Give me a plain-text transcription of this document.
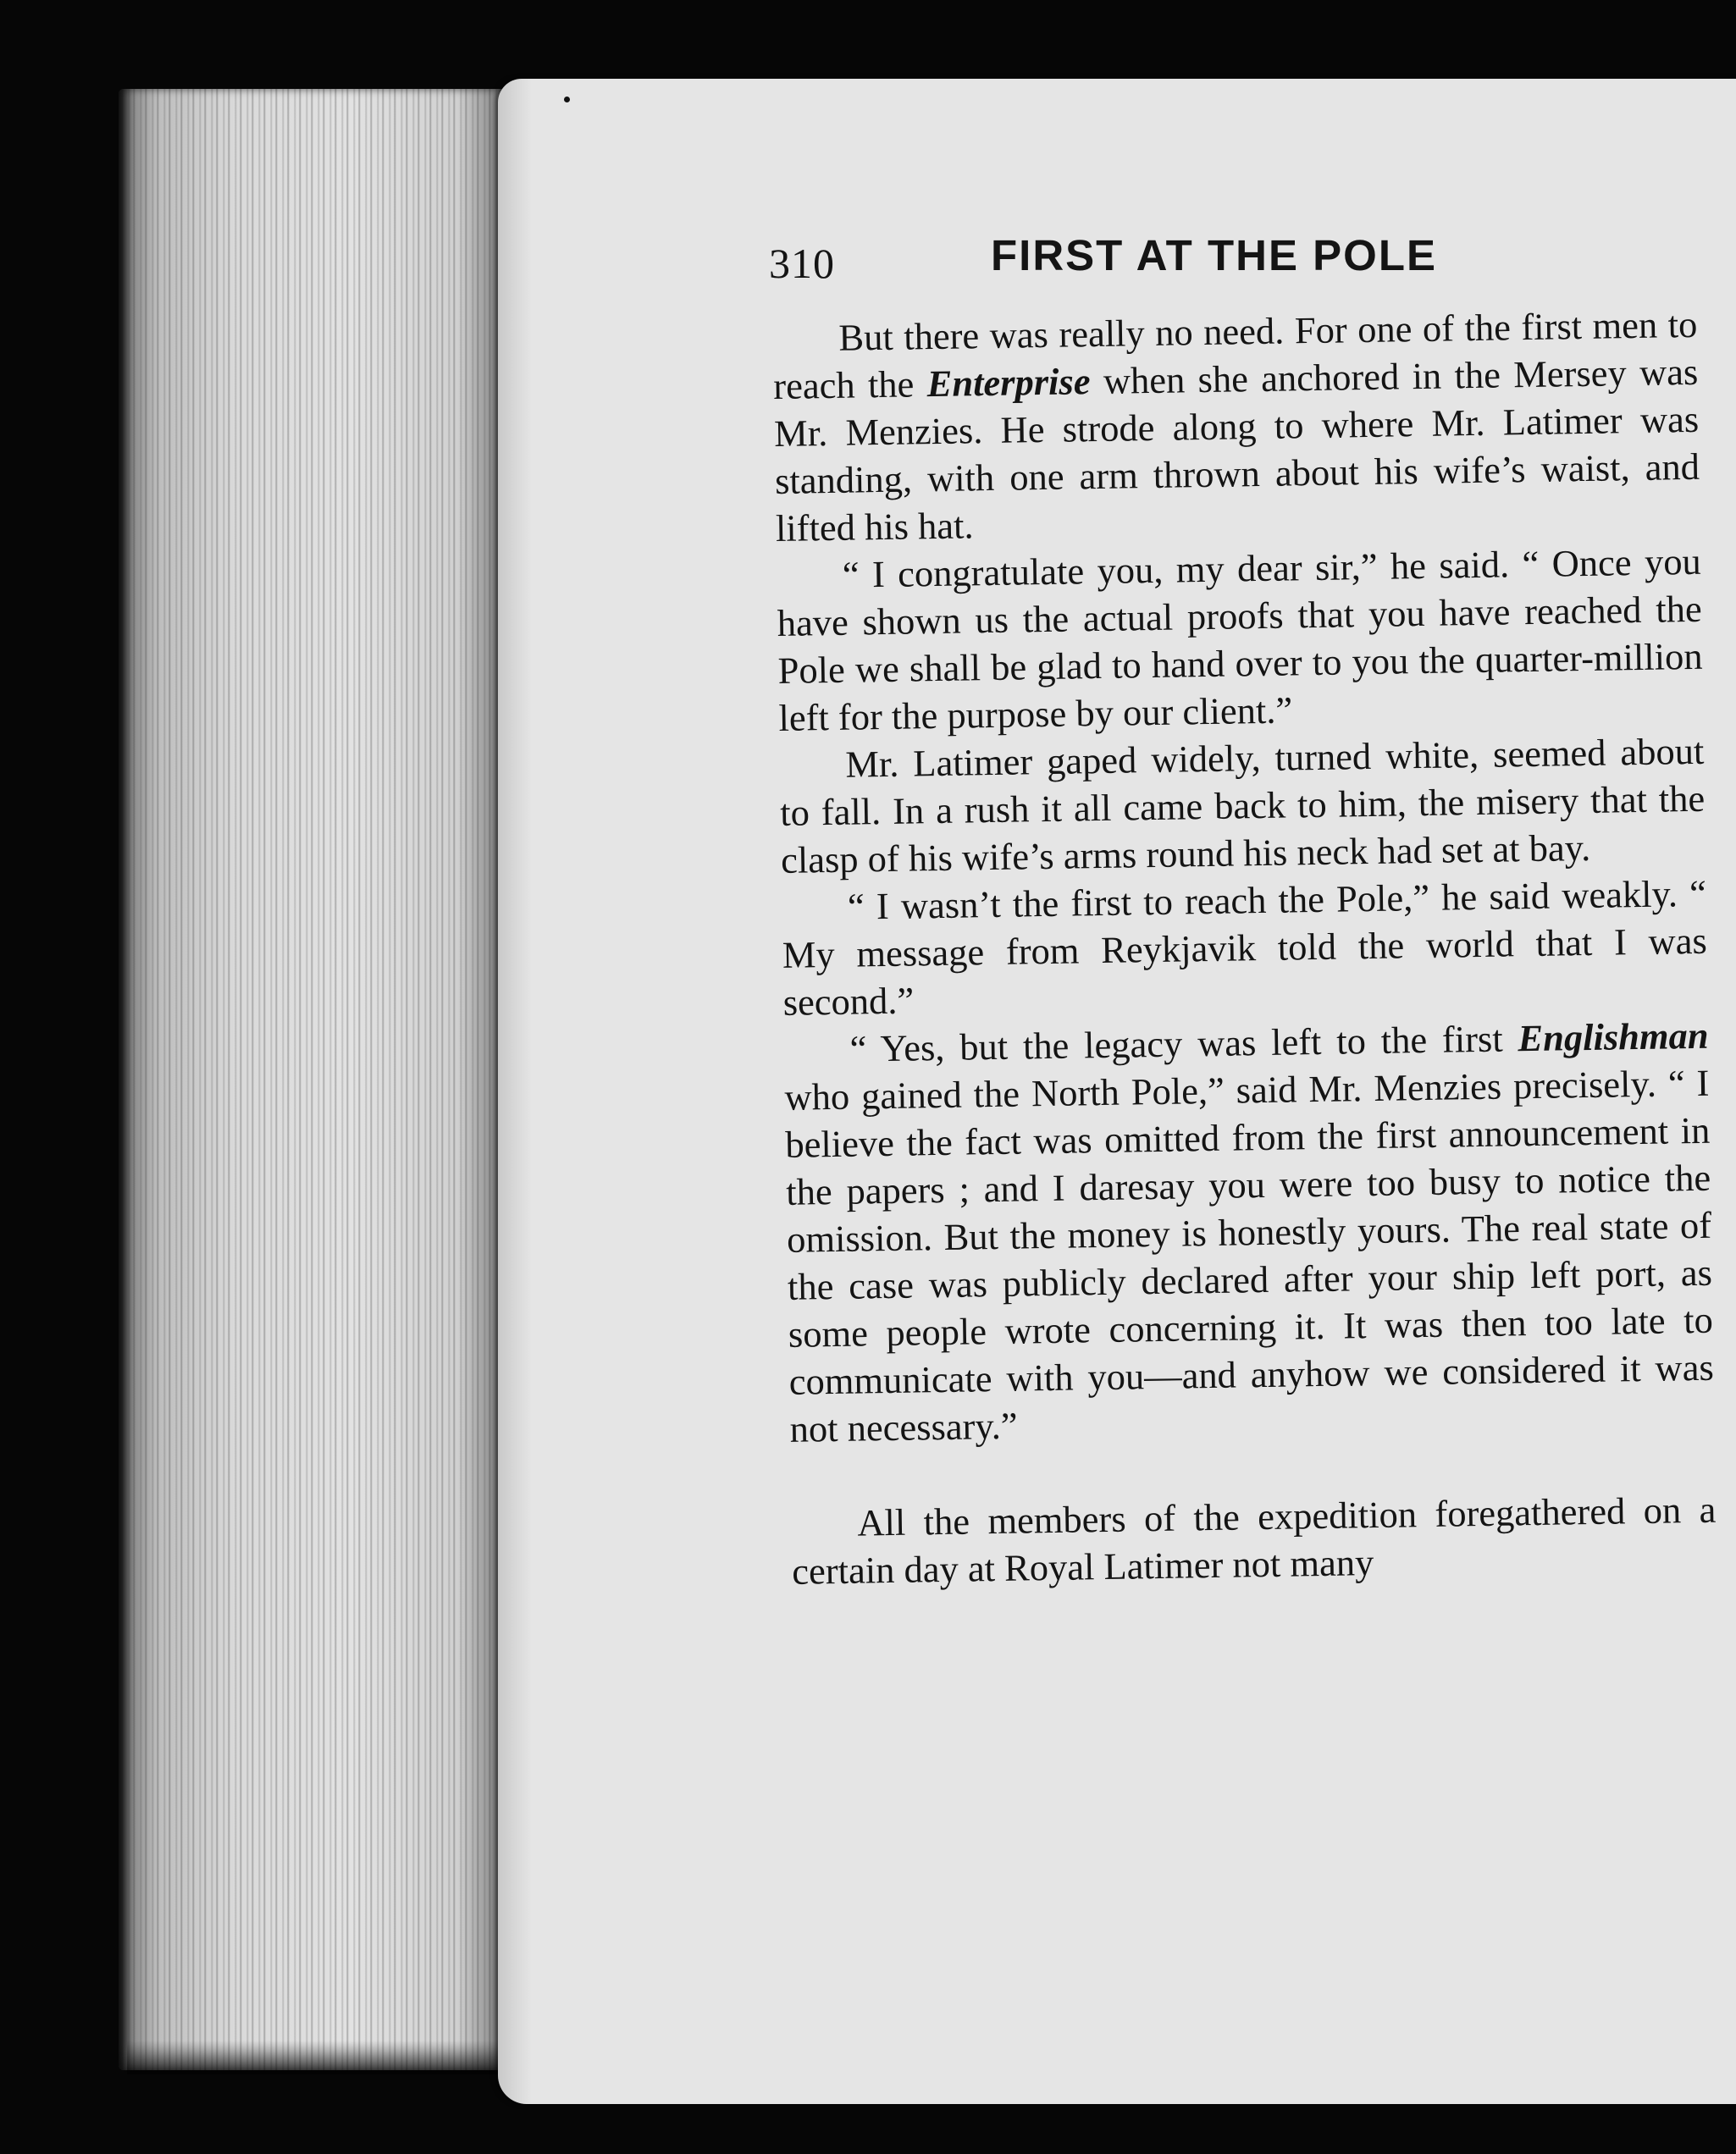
310	FIRST AT THE POLE

But there was really no need. For one of the first men to reach the Enterprise when she anchored in the Mersey was Mr. Menzies. He strode along to where Mr. Latimer was standing, with one arm thrown about his wife’s waist, and lifted his hat.

“ I congratulate you, my dear sir,” he said. “ Once you have shown us the actual proofs that you have reached the Pole we shall be glad to hand over to you the quarter-million left for the purpose by our client.”

Mr. Latimer gaped widely, turned white, seemed about to fall. In a rush it all came back to him, the misery that the clasp of his wife’s arms round his neck had set at bay.

“ I wasn’t the first to reach the Pole,” he said weakly. “ My message from Reykjavik told the world that I was second.”

“ Yes, but the legacy was left to the first Englishman who gained the North Pole,” said Mr. Menzies precisely. “ I believe the fact was omitted from the first announcement in the papers ; and I daresay you were too busy to notice the omission. But the money is honestly yours. The real state of the case was publicly declared after your ship left port, as some people wrote concerning it. It was then too late to communicate with you—and anyhow we considered it was not necessary.”

All the members of the expedition foregathered on a certain day at Royal Latimer not many
